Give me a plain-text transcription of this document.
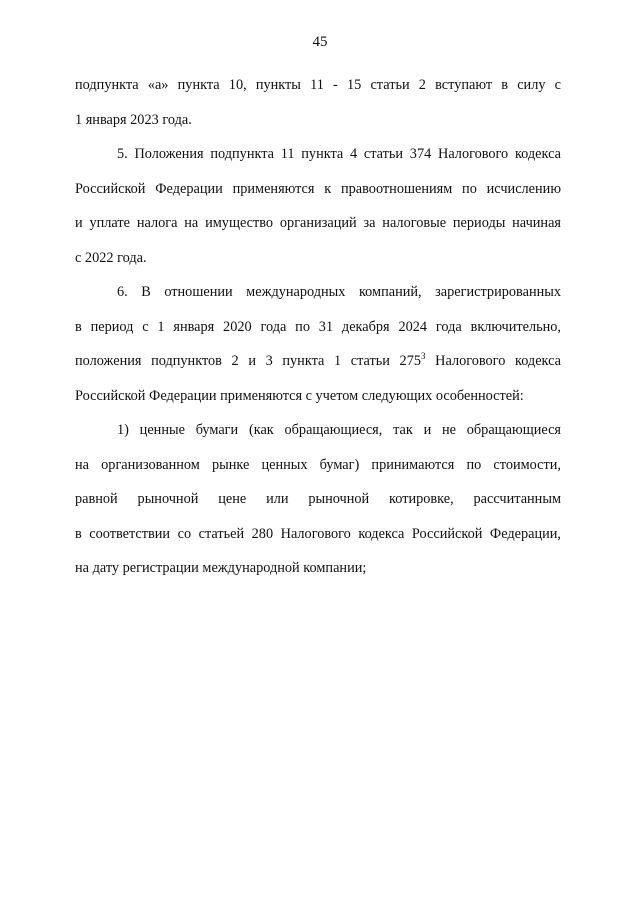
45
подпункта «а» пункта 10, пункты 11 - 15 статьи 2 вступают в силу с
1 января 2023 года.
5. Положения подпункта 11 пункта 4 статьи 374 Налогового кодекса
Российской Федерации применяются к правоотношениям по исчислению
и уплате налога на имущество организаций за налоговые периоды начиная
с 2022 года.
6. В отношении международных компаний, зарегистрированных
в период с 1 января 2020 года по 31 декабря 2024 года включительно,
положения подпунктов 2 и 3 пункта 1 статьи $275^3$ Налогового кодекса
Российской Федерации применяются с учетом следующих особенностей:
1) ценные бумаги (как обращающиеся, так и не обращающиеся
на организованном рынке ценных бумаг) принимаются по стоимости,
равной рыночной цене или рыночной котировке, рассчитанным
в соответствии со статьей 280 Налогового кодекса Российской Федерации,
на дату регистрации международной компании;
